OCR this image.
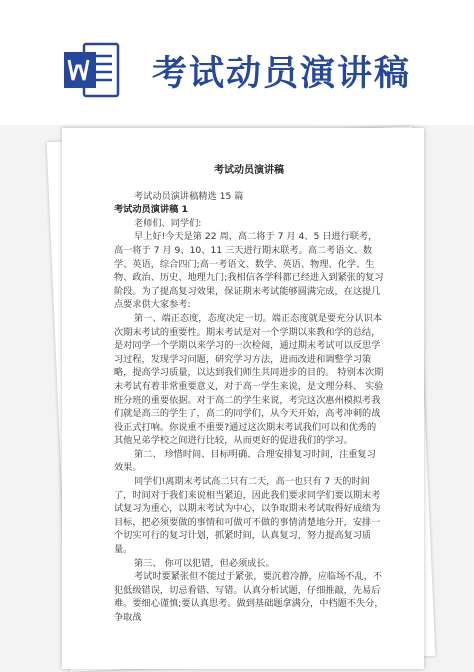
考试动员演讲稿
考试动员演讲稿
考试动员演讲稿精选 15 篇
考试动员演讲稿 1

老师们、同学们:

早上好!今天是第 22 周，高二将于 7 月 4、5 日进行联考，高一将于 7 月 9、10、11 三天进行期末联考。高二考语文、数学、英语，综合四门;高一考语文、数学、英语、物理、化学、生物、政治、历史、地理九门;我相信各学科都已经进入到紧张的复习阶段。为了提高复习效果，保证期末考试能够圆满完成，在这提几点要求供大家参考:

第一、端正态度，态度决定一切。端正态度就是要充分认识本次期末考试的重要性。期末考试是对一个学期以来教和学的总结，是对同学一个学期以来学习的一次检阅，通过期末考试可以反思学习过程，发现学习问题，研究学习方法，进而改进和调整学习策略，提高学习质量，以达到我们师生共同进步的目的。 特别本次期末考试有着非常重要意义，对于高一学生来说，是文理分科、 实验班分班的重要依据。对于高二的学生来说，考完这次惠州模拟考我们就是高三的学生了，高二的同学们，从今天开始，高考冲刺的战役正式打响。你说重不重要?通过这次期末考试我们可以和优秀的其他兄弟学校之间进行比较，从而更好的促进我们的学习。

第二、 珍惜时间、目标明确、合理安排复习时间，注重复习效果。

同学们!离期末考试高二只有二天，高一也只有 7 天的时间了，时间对于我们来说相当紧迫，因此我们要求同学们要以期末考试复习为重心，以期末考试为中心，以争取期末考试取得好成绩为目标，把必须要做的事情和可做可不做的事情清楚地分开，安排一个切实可行的复习计划，抓紧时间，认真复习，努力提高复习质量。

第三、 你可以犯错，但必须成长。

考试时要紧张但不能过于紧张，要沉着冷静，应临场不乱，不犯低级错误，切忌看错、写错。认真分析试题，仔细推敲，先易后难。要细心谨慎;要认真思考。做到基础题拿满分，中档题不失分，争取战
